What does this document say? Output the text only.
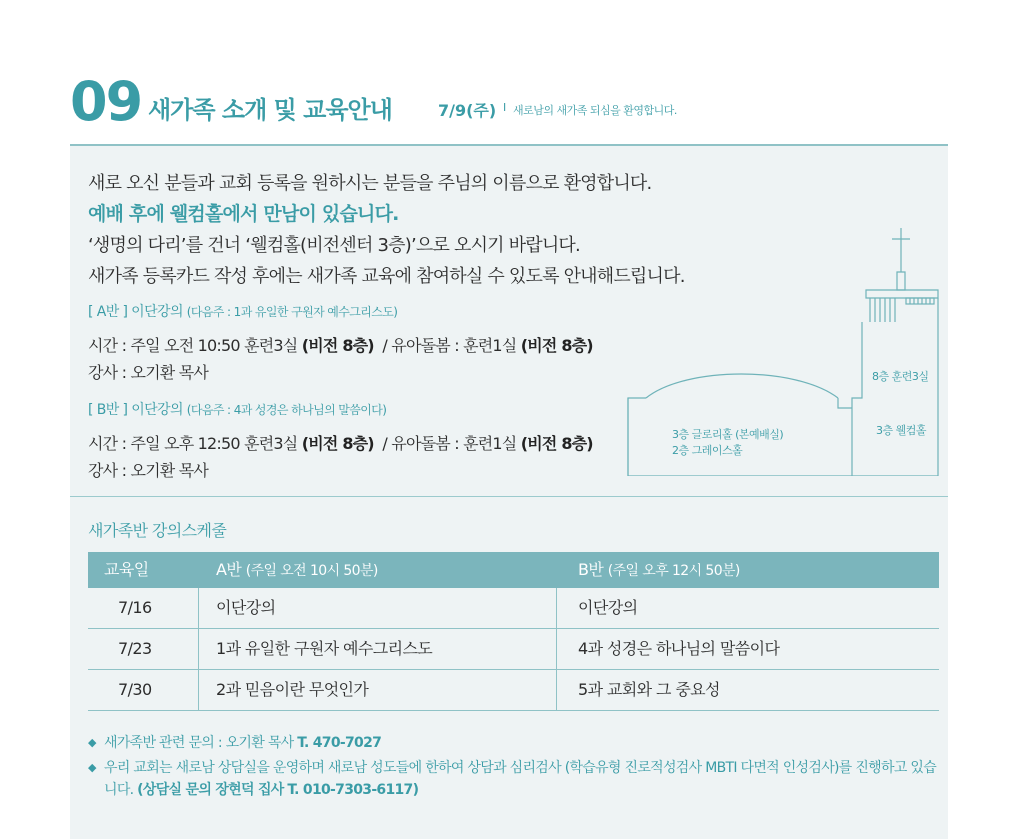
09 새가족 소개 및 교육안내	7/9(주) I 새로남의 새가족 되심을 환영합니다.
새로 오신 분들과 교회 등록을 원하시는 분들을 주님의 이름으로 환영합니다.
예배 후에 웰컴홀에서 만남이 있습니다.
‘생명의 다리’를 건너 ‘웰컴홀(비전센터 3층)’으로 오시기 바랍니다.
새가족 등록카드 작성 후에는 새가족 교육에 참여하실 수 있도록 안내해드립니다.
[ A반 ] 이단강의 (다음주 : 1과 유일한 구원자 예수그리스도)
시간 : 주일 오전 10:50 훈련3실 (비전 8층) / 유아돌봄 : 훈련1실 (비전 8층)
강사 : 오기환 목사
[ B반 ] 이단강의 (다음주 : 4과 성경은 하나님의 말씀이다)
시간 : 주일 오후 12:50 훈련3실 (비전 8층) / 유아돌봄 : 훈련1실 (비전 8층)
강사 : 오기환 목사
8층 훈련3실
3층 웰컴홀
3층 글로리홀 (본예배실)
2층 그레이스홀
새가족반 강의스케줄
교육일	A반 (주일 오전 10시 50분)	B반 (주일 오후 12시 50분)
7/16	이단강의	이단강의
7/23	1과 유일한 구원자 예수그리스도	4과 성경은 하나님의 말씀이다
7/30	2과 믿음이란 무엇인가	5과 교회와 그 중요성
◆ 새가족반 관련 문의 : 오기환 목사 T. 470-7027
◆ 우리 교회는 새로남 상담실을 운영하며 새로남 성도들에 한하여 상담과 심리검사 (학습유형 진로적성검사 MBTI 다면적 인성검사)를 진행하고 있습니다. (상담실 문의 장현덕 집사 T. 010-7303-6117)
